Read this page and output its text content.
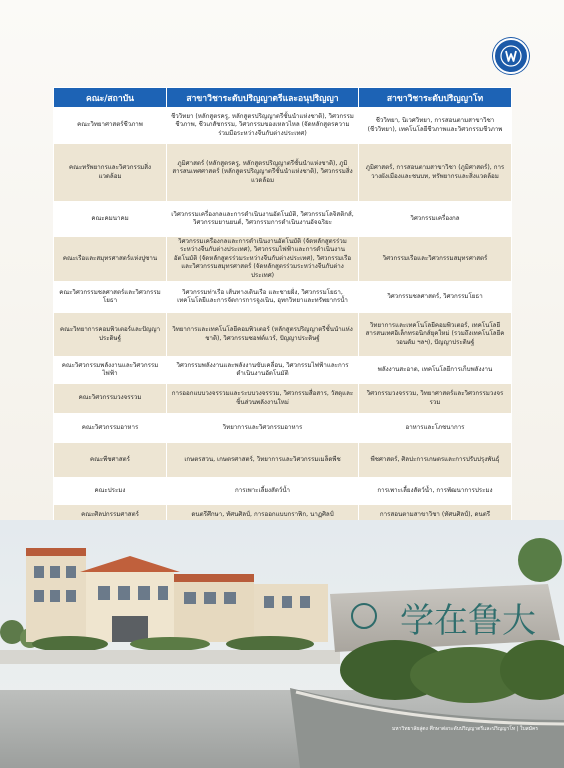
คณะ/สถาบัน	สาขาวิชาระดับปริญญาตรีและอนุปริญญา	สาขาวิชาระดับปริญญาโท
คณะวิทยาศาสตร์ชีวภาพ	ชีววิทยา (หลักสูตรครู, หลักสูตรปริญญาตรีชั้นนำแห่งชาติ), วิศวกรรมชีวภาพ, ชีวเภสัชกรรม, วิศวกรรมของเหลวไหล (จัดหลักสูตรความร่วมมือระหว่างจีนกับต่างประเทศ)	ชีววิทยา, นิเวศวิทยา, การสอนตามสาขาวิชา (ชีววิทยา), เทคโนโลยีชีวภาพและวิศวกรรมชีวภาพ
คณะทรัพยากรและวิศวกรรมสิ่งแวดล้อม	ภูมิศาสตร์ (หลักสูตรครู, หลักสูตรปริญญาตรีชั้นนำแห่งชาติ), ภูมิสารสนเทศศาสตร์ (หลักสูตรปริญญาตรีชั้นนำแห่งชาติ), วิศวกรรมสิ่งแวดล้อม	ภูมิศาสตร์, การสอนตามสาขาวิชา (ภูมิศาสตร์), การวางผังเมืองและชนบท, ทรัพยากรและสิ่งแวดล้อม
คณะคมนาคม	เวิศวกรรมเครื่องกลและการดำเนินงานอัตโนมัติ, วิศวกรรมโลจิสติกส์, วิศวกรรมยานยนต์, วิศวกรรมการดำเนินงานอัจฉริยะ	วิศวกรรมเครื่องกล
คณะเรือและสมุทรศาสตร์แห่งปูซาน	วิศวกรรมเครื่องกลและการดำเนินงานอัตโนมัติ (จัดหลักสูตรร่วมระหว่างจีนกับต่างประเทศ), วิศวกรรมไฟฟ้าและการดำเนินงานอัตโนมัติ (จัดหลักสูตรร่วมระหว่างจีนกับต่างประเทศ), วิศวกรรมเรือและวิศวกรรมสมุทรศาสตร์ (จัดหลักสูตรร่วมระหว่างจีนกับต่างประเทศ)	วิศวกรรมเรือและวิศวกรรมสมุทรศาสตร์
คณะวิศวกรรมชลศาสตร์และวิศวกรรมโยธา	วิศวกรรมท่าเรือ เส้นทางเดินเรือ และชายฝั่ง, วิศวกรรมโยธา, เทคโนโลยีและการจัดการการจูงเนิน, อุทกวิทยาและทรัพยากรน้ำ	วิศวกรรมชลศาสตร์, วิศวกรรมโยธา
คณะวิทยาการคอมพิวเตอร์และปัญญาประดิษฐ์	วิทยาการและเทคโนโลยีคอมพิวเตอร์ (หลักสูตรปริญญาตรีชั้นนำแห่งชาติ), วิศวกรรมซอฟต์แวร์, ปัญญาประดิษฐ์	วิทยาการและเทคโนโลยีคอมพิวเตอร์, เทคโนโลยีสารสนเทศอิเล็กทรอนิกส์ยุคใหม่ (รวมถึงเทคโนโลยีควอนตัม ฯลฯ), ปัญญาประดิษฐ์
คณะวิศวกรรมพลังงานและวิศวกรรมไฟฟ้า	วิศวกรรมพลังงานและพลังงานขับเคลื่อน, วิศวกรรมไฟฟ้าและการดำเนินงานอัตโนมัติ	พลังงานสะอาด, เทคโนโลยีการเก็บพลังงาน
คณะวิศวกรรมวงจรรวม	การออกแบบวงจรรวมและระบบวงจรรวม, วิศวกรรมสื่อสาร, วัสดุและชิ้นส่วนพลังงานใหม่	วิศวกรรมวงจรรวม, วิทยาศาสตร์และวิศวกรรมวงจรรวม
คณะวิศวกรรมอาหาร	วิทยาการและวิศวกรรมอาหาร	อาหารและโภชนาการ
คณะพืชศาสตร์	เกษตรสวน, เกษตรศาสตร์, วิทยาการและวิศวกรรมเมล็ดพืช	พืชศาสตร์, ศิลปะการเกษตรและการปรับปรุงพันธุ์
คณะประมง	การเพาะเลี้ยงสัตว์น้ำ	การเพาะเลี้ยงสัตว์น้ำ, การพัฒนาการประมง
คณะศิลปกรรมศาสตร์	ดนตรีศึกษา, ทัศนศิลป์, การออกแบบกราฟิก, นาฏศิลป์	การสอนตามสาขาวิชา (ทัศนศิลป์), ดนตรี

学在鲁大
มหาวิทยาลัยลู่ตง ศึกษาต่อระดับปริญญาตรีและปริญญาโท | ใบสมัคร
